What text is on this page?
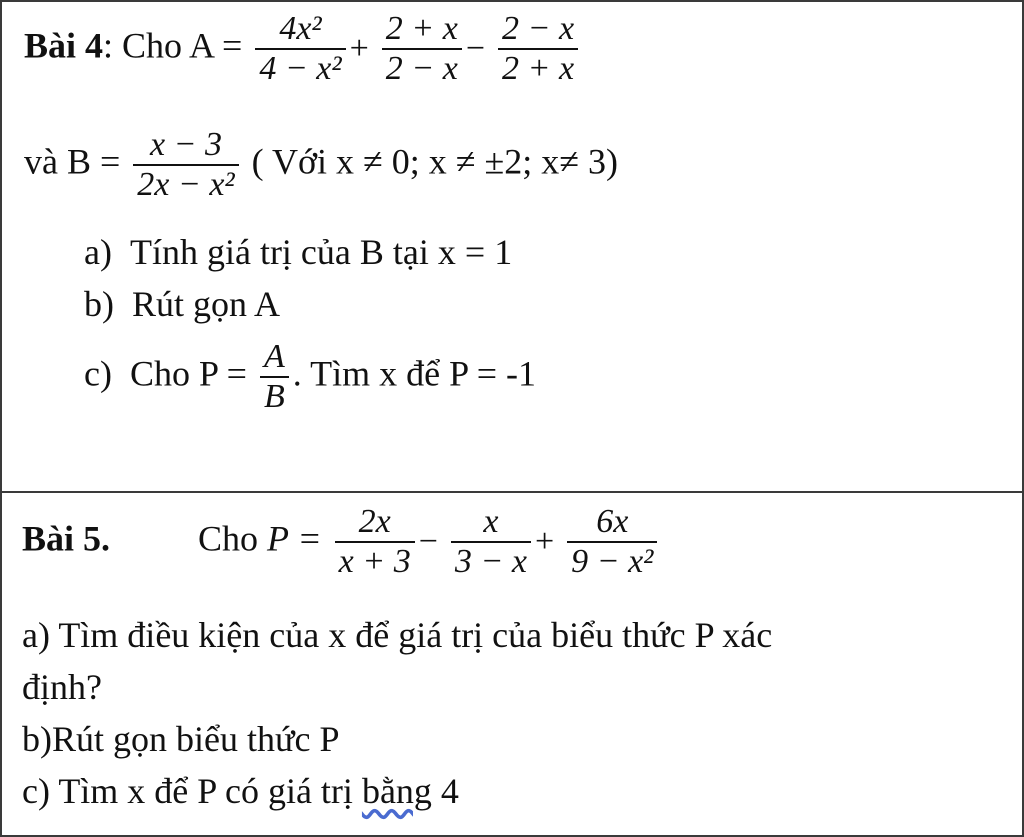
Bài 4: Cho $A = \frac{\text{4x²}}{\text{4 − x²}} + \frac{2 + x}{2 - x} - \frac{2 - x}{2 + x}$
và $B = \frac{x - 3}{\text{2x − x²}}$ ( Với x ≠ 0; x ≠ ±2; x≠ 3)
a) Tính giá trị của B tại x = 1
b) Rút gọn A
c) Cho $P = \frac{A}{B}$ . Tìm x để P = -1
Bài 5. Cho $P = \frac{2x}{x + 3} - \frac{x}{3 - x} + \frac{6x}{\text{9 − x²}}$
a) Tìm điều kiện của x để giá trị của biểu thức P xác
định?
b)Rút gọn biểu thức P
c) Tìm x để P có giá trị bằng 4
